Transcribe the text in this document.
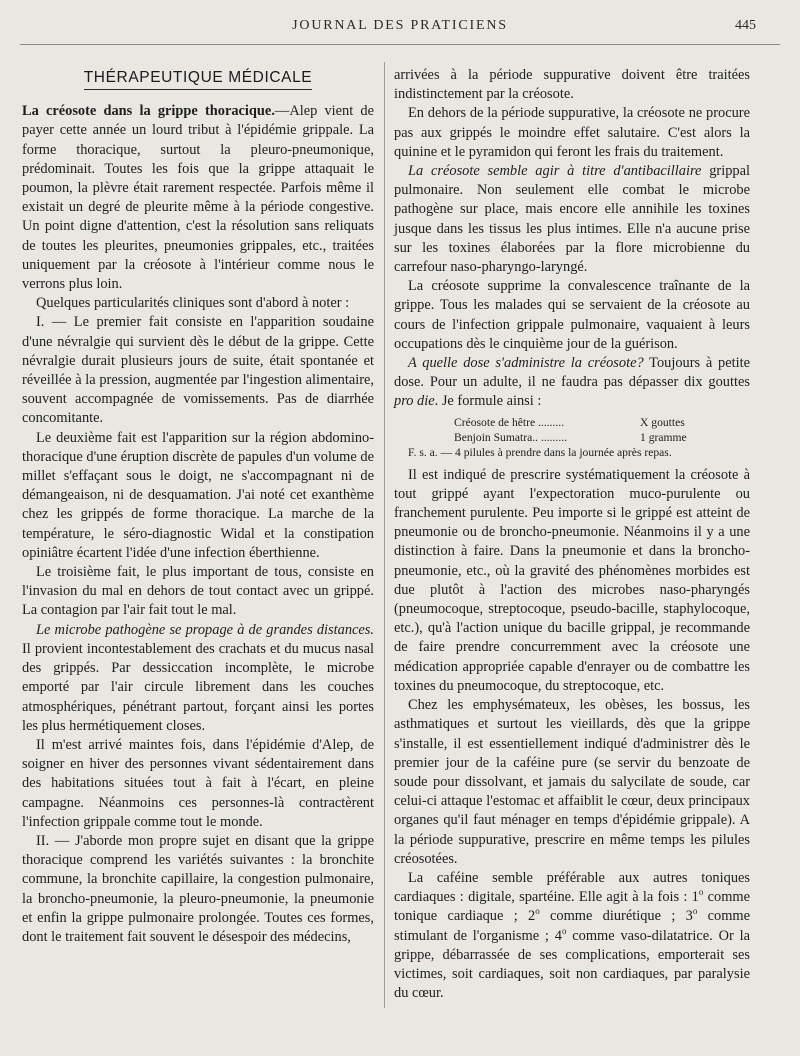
JOURNAL DES PRATICIENS	445
THÉRAPEUTIQUE MÉDICALE

La créosote dans la grippe thoracique.—Alep vient de payer cette année un lourd tribut à l'épidémie grippale. La forme thoracique, surtout la pleuro-pneumonique, prédominait. Toutes les fois que la grippe attaquait le poumon, la plèvre était rarement respectée. Parfois même il existait un degré de pleurite même à la période congestive. Un point digne d'attention, c'est la résolution sans reliquats de toutes les pleurites, pneumonies grippales, etc., traitées uniquement par la créosote à l'intérieur comme nous le verrons plus loin.

Quelques particularités cliniques sont d'abord à noter :

I. — Le premier fait consiste en l'apparition soudaine d'une névralgie qui survient dès le début de la grippe. Cette névralgie durait plusieurs jours de suite, était spontanée et réveillée à la pression, augmentée par l'ingestion alimentaire, souvent accompagnée de vomissements. Pas de diarrhée concomitante.

Le deuxième fait est l'apparition sur la région abdomino-thoracique d'une éruption discrète de papules d'un volume de millet s'effaçant sous le doigt, ne s'accompagnant ni de démangeaison, ni de desquamation. J'ai noté cet exanthème chez les grippés de forme thoracique. La marche de la température, le séro-diagnostic Widal et la constipation opiniâtre écartent l'idée d'une infection éberthienne.

Le troisième fait, le plus important de tous, consiste en l'invasion du mal en dehors de tout contact avec un grippé. La contagion par l'air fait tout le mal.

Le microbe pathogène se propage à de grandes distances. Il provient incontestablement des crachats et du mucus nasal des grippés. Par dessiccation incomplète, le microbe emporté par l'air circule librement dans les couches atmosphériques, pénétrant partout, forçant ainsi les portes les plus hermétiquement closes.

Il m'est arrivé maintes fois, dans l'épidémie d'Alep, de soigner en hiver des personnes vivant sédentairement dans des habitations situées tout à fait à l'écart, en pleine campagne. Néanmoins ces personnes-là contractèrent l'infection grippale comme tout le monde.

II. — J'aborde mon propre sujet en disant que la grippe thoracique comprend les variétés suivantes : la bronchite commune, la bronchite capillaire, la congestion pulmonaire, la broncho-pneumonie, la pleuro-pneumonie, la pneumonie et enfin la grippe pulmonaire prolongée. Toutes ces formes, dont le traitement fait souvent le désespoir des médecins,

arrivées à la période suppurative doivent être traitées indistinctement par la créosote.

En dehors de la période suppurative, la créosote ne procure pas aux grippés le moindre effet salutaire. C'est alors la quinine et le pyramidon qui feront les frais du traitement.

La créosote semble agir à titre d'antibacillaire grippal pulmonaire. Non seulement elle combat le microbe pathogène sur place, mais encore elle annihile les toxines jusque dans les tissus les plus intimes. Elle n'a aucune prise sur les toxines élaborées par la flore microbienne du carrefour naso-pharyngo-laryngé.

La créosote supprime la convalescence traînante de la grippe. Tous les malades qui se servaient de la créosote au cours de l'infection grippale pulmonaire, vaquaient à leurs occupations dès le cinquième jour de la guérison.

A quelle dose s'administre la créosote? Toujours à petite dose. Pour un adulte, il ne faudra pas dépasser dix gouttes pro die. Je formule ainsi :

Créosote de hêtre .........	X gouttes
Benjoin Sumatra.. .........	1 gramme
F. s. a. — 4 pilules à prendre dans la journée après repas.

Il est indiqué de prescrire systématiquement la créosote à tout grippé ayant l'expectoration muco-purulente ou franchement purulente. Peu importe si le grippé est atteint de pneumonie ou de broncho-pneumonie. Néanmoins il y a une distinction à faire. Dans la pneumonie et dans la broncho-pneumonie, etc., où la gravité des phénomènes morbides est due plutôt à l'action des microbes naso-pharyngés (pneumocoque, streptocoque, pseudo-bacille, staphylocoque, etc.), qu'à l'action unique du bacille grippal, je recommande de faire prendre concurremment avec la créosote une médication appropriée capable d'enrayer ou de combattre les toxines du pneumocoque, du streptocoque, etc.

Chez les emphysémateux, les obèses, les bossus, les asthmatiques et surtout les vieillards, dès que la grippe s'installe, il est essentiellement indiqué d'administrer dès le premier jour de la caféine pure (se servir du benzoate de soude pour dissolvant, et jamais du salycilate de soude, car celui-ci attaque l'estomac et affaiblit le cœur, deux principaux organes qu'il faut ménager en temps d'épidémie grippale). A la période suppurative, prescrire en même temps les pilules créosotées.

La caféine semble préférable aux autres toniques cardiaques : digitale, spartéine. Elle agit à la fois : 1$^o$ comme tonique cardiaque ; 2$^o$ comme diurétique ; 3$^o$ comme stimulant de l'organisme ; 4$^o$ comme vaso-dilatatrice. Or la grippe, débarrassée de ses complications, emporterait ses victimes, soit cardiaques, soit non cardiaques, par paralysie du cœur.
